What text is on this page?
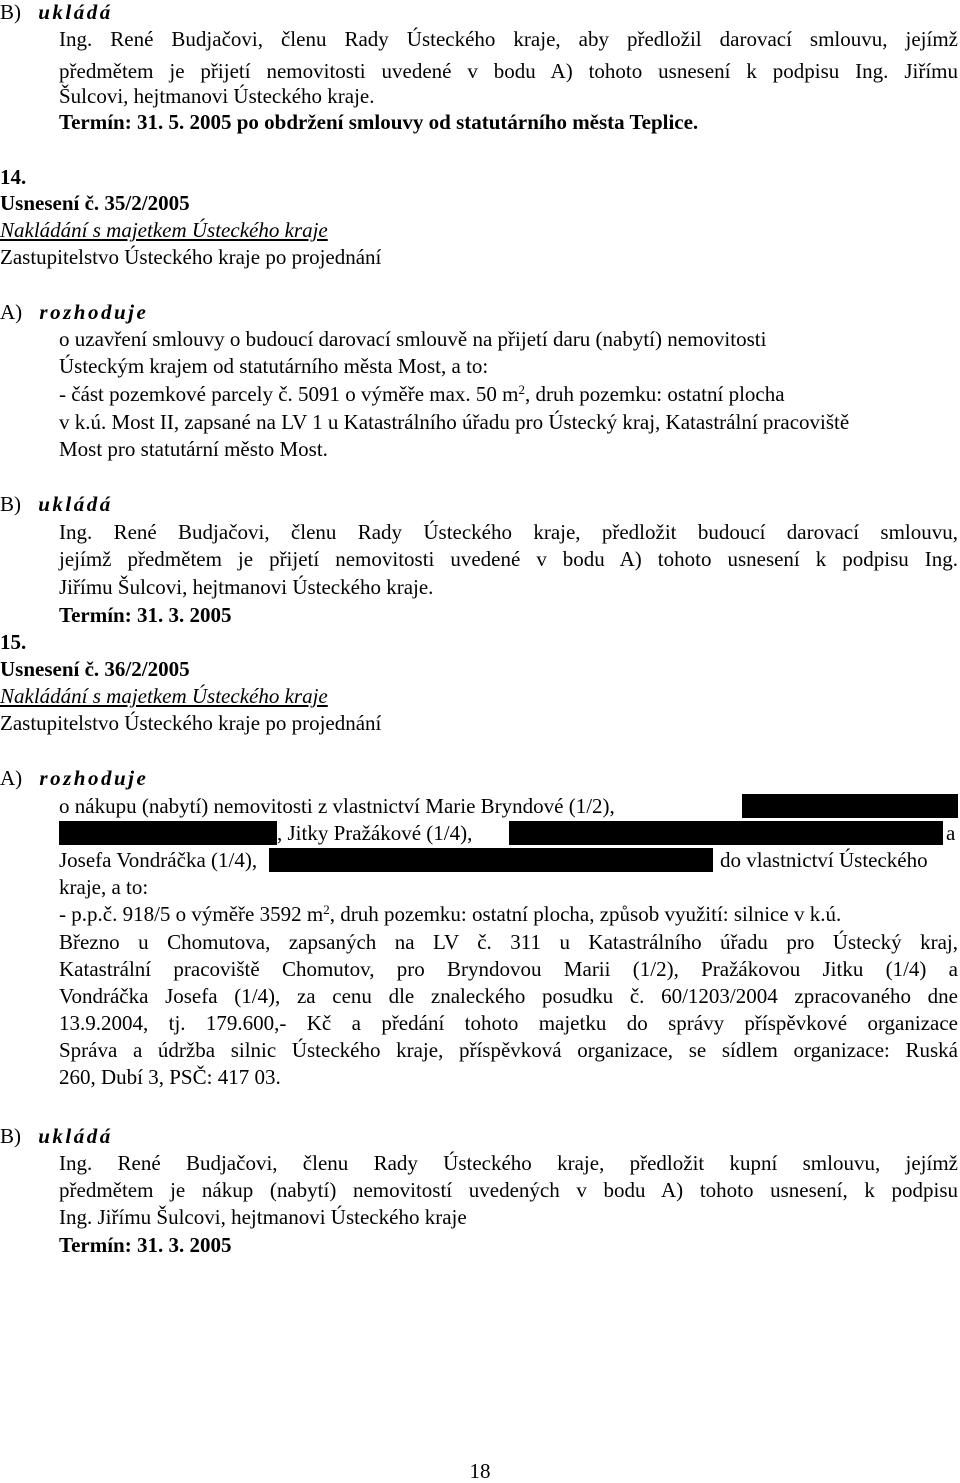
B) ukládá
Ing. René Budjačovi, členu Rady Ústeckého kraje, aby předložil darovací smlouvu, jejímž
předmětem je přijetí nemovitosti uvedené v bodu A) tohoto usnesení k podpisu Ing. Jiřímu
Šulcovi, hejtmanovi Ústeckého kraje.
Termín: 31. 5. 2005 po obdržení smlouvy od statutárního města Teplice.
14.
Usnesení č. 35/2/2005
Nakládání s majetkem Ústeckého kraje
Zastupitelstvo Ústeckého kraje po projednání
A) rozhoduje
o uzavření smlouvy o budoucí darovací smlouvě na přijetí daru (nabytí) nemovitosti
Ústeckým krajem od statutárního města Most, a to:
- část pozemkové parcely č. 5091 o výměře max. 50 $m^2$, druh pozemku: ostatní plocha
v k.ú. Most II, zapsané na LV 1 u Katastrálního úřadu pro Ústecký kraj, Katastrální pracoviště
Most pro statutární město Most.
B) ukládá
Ing. René Budjačovi, členu Rady Ústeckého kraje, předložit budoucí darovací smlouvu,
jejímž předmětem je přijetí nemovitosti uvedené v bodu A) tohoto usnesení k podpisu Ing.
Jiřímu Šulcovi, hejtmanovi Ústeckého kraje.
Termín: 31. 3. 2005
15.
Usnesení č. 36/2/2005
Nakládání s majetkem Ústeckého kraje
Zastupitelstvo Ústeckého kraje po projednání
A) rozhoduje
o nákupu (nabytí) nemovitosti z vlastnictví Marie Bryndové (1/2),
, Jitky Pražákové (1/4),	a
Josefa Vondráčka (1/4),	do vlastnictví Ústeckého
kraje, a to:
- p.p.č. 918/5 o výměře 3592 $m^2$, druh pozemku: ostatní plocha, způsob využití: silnice v k.ú.
Březno u Chomutova, zapsaných na LV č. 311 u Katastrálního úřadu pro Ústecký kraj,
Katastrální pracoviště Chomutov, pro Bryndovou Marii (1/2), Pražákovou Jitku (1/4) a
Vondráčka Josefa (1/4), za cenu dle znaleckého posudku č. 60/1203/2004 zpracovaného dne
13.9.2004, tj. 179.600,- Kč a předání tohoto majetku do správy příspěvkové organizace
Správa a údržba silnic Ústeckého kraje, příspěvková organizace, se sídlem organizace: Ruská
260, Dubí 3, PSČ: 417 03.
B) ukládá
Ing. René Budjačovi, členu Rady Ústeckého kraje, předložit kupní smlouvu, jejímž
předmětem je nákup (nabytí) nemovitostí uvedených v bodu A) tohoto usnesení, k podpisu
Ing. Jiřímu Šulcovi, hejtmanovi Ústeckého kraje
Termín: 31. 3. 2005
18
